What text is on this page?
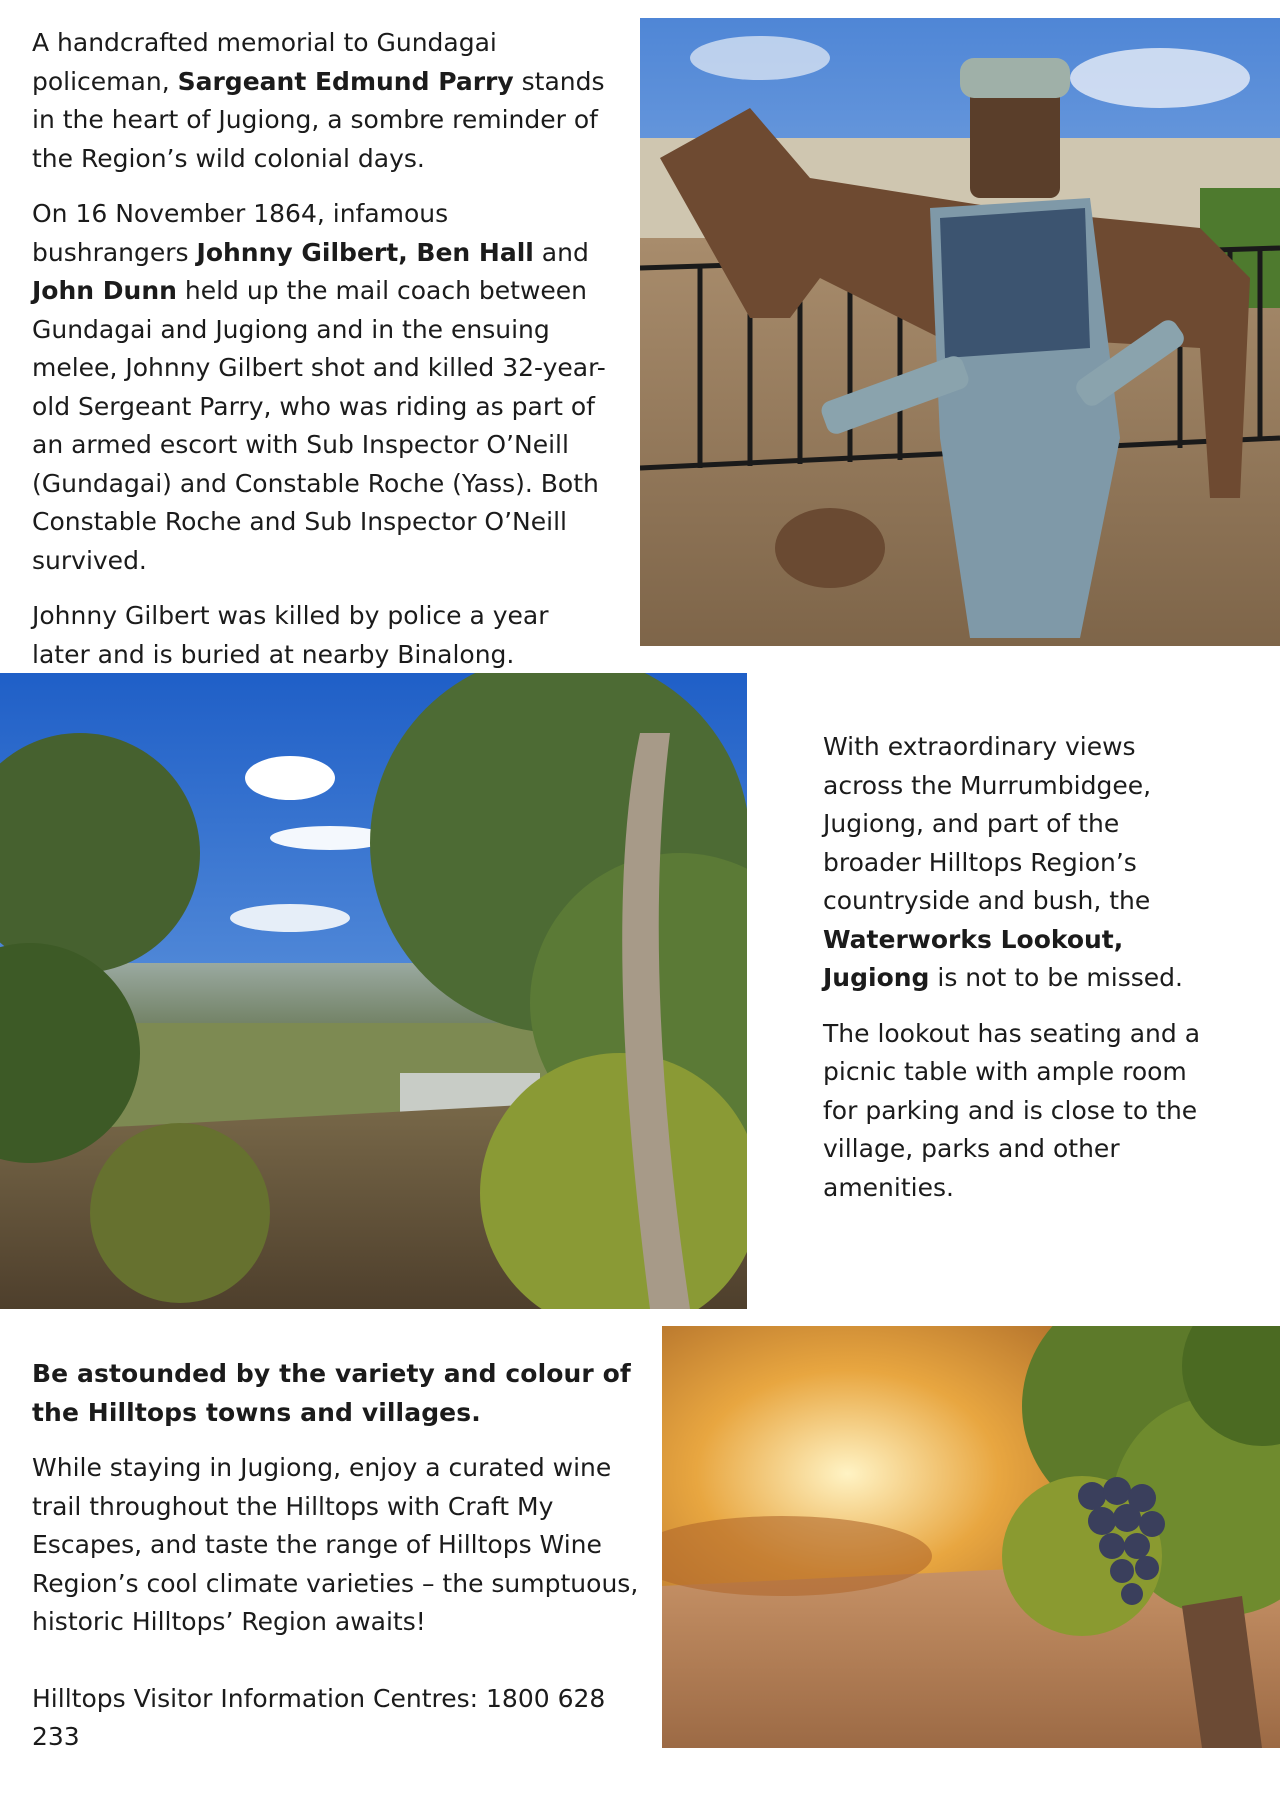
A handcrafted memorial to Gundagai policeman, Sargeant Edmund Parry stands in the heart of Jugiong, a sombre reminder of the Region’s wild colonial days.

On 16 November 1864, infamous bushrangers Johnny Gilbert, Ben Hall and John Dunn held up the mail coach between Gundagai and Jugiong and in the ensuing melee, Johnny Gilbert shot and killed 32-year-old Sergeant Parry, who was riding as part of an armed escort with Sub Inspector O’Neill (Gundagai) and Constable Roche (Yass). Both Constable Roche and Sub Inspector O’Neill survived.

Johnny Gilbert was killed by police a year later and is buried at nearby Binalong.

With extraordinary views across the Murrumbidgee, Jugiong, and part of the broader Hilltops Region’s countryside and bush, the Waterworks Lookout, Jugiong is not to be missed.

The lookout has seating and a picnic table with ample room for parking and is close to the village, parks and other amenities.

Be astounded by the variety and colour of the Hilltops towns and villages.

While staying in Jugiong, enjoy a curated wine trail throughout the Hilltops with Craft My Escapes, and taste the range of Hilltops Wine Region’s cool climate varieties – the sumptuous, historic Hilltops’ Region awaits!

Hilltops Visitor Information Centres: 1800 628 233
